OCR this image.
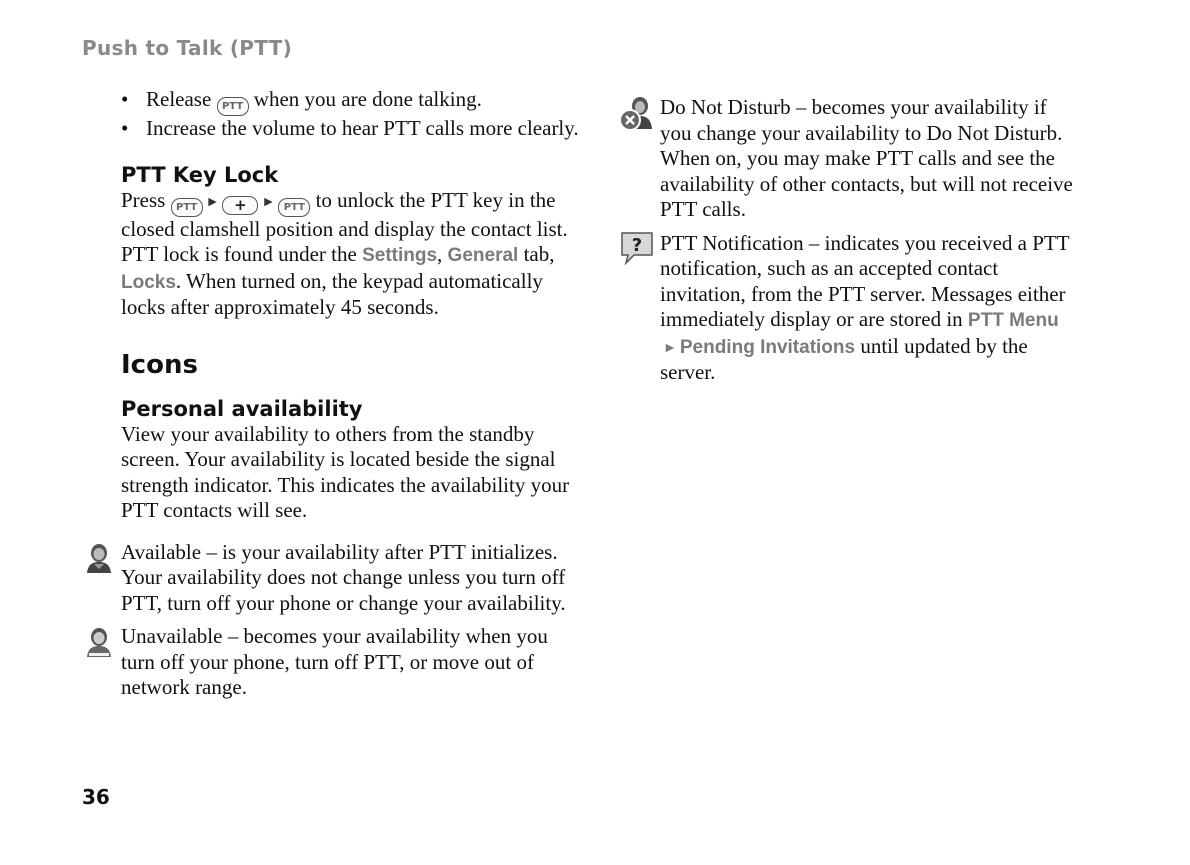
Push to Talk (PTT)
• Release PTT when you are done talking.
• Increase the volume to hear PTT calls more clearly.
PTT Key Lock

Press PTT ► + ► PTT to unlock the PTT key in the closed clamshell position and display the contact list. PTT lock is found under the Settings, General tab, Locks. When turned on, the keypad automatically locks after approximately 45 seconds.

Icons
Personal availability

View your availability to others from the standby screen. Your availability is located beside the signal strength indicator. This indicates the availability your PTT contacts will see.

Available – is your availability after PTT initializes. Your availability does not change unless you turn off PTT, turn off your phone or change your availability.

Unavailable – becomes your availability when you turn off your phone, turn off PTT, or move out of network range.

Do Not Disturb – becomes your availability if you change your availability to Do Not Disturb. When on, you may make PTT calls and see the availability of other contacts, but will not receive PTT calls.

? PTT Notification – indicates you received a PTT notification, such as an accepted contact invitation, from the PTT server. Messages either immediately display or are stored in PTT Menu ► Pending Invitations until updated by the server.

36
